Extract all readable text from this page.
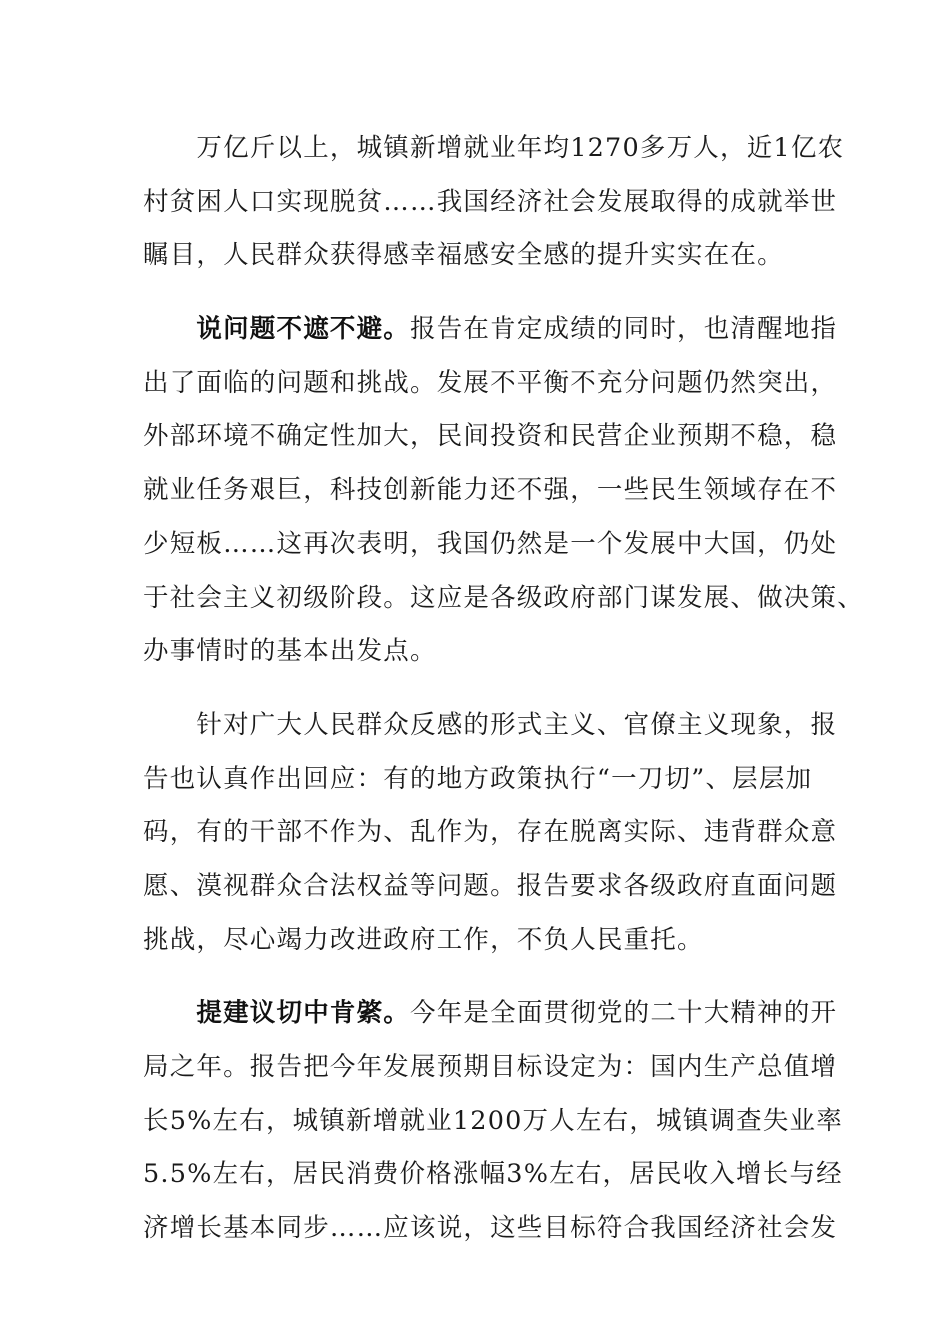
　　万亿斤以上，城镇新增就业年均1270多万人，近1亿农
村贫困人口实现脱贫……我国经济社会发展取得的成就举世
瞩目，人民群众获得感幸福感安全感的提升实实在在。
　　说问题不遮不避。报告在肯定成绩的同时，也清醒地指
出了面临的问题和挑战。发展不平衡不充分问题仍然突出，
外部环境不确定性加大，民间投资和民营企业预期不稳，稳
就业任务艰巨，科技创新能力还不强，一些民生领域存在不
少短板……这再次表明，我国仍然是一个发展中大国，仍处
于社会主义初级阶段。这应是各级政府部门谋发展、做决策、
办事情时的基本出发点。
　　针对广大人民群众反感的形式主义、官僚主义现象，报
告也认真作出回应：有的地方政策执行“一刀切”、层层加
码，有的干部不作为、乱作为，存在脱离实际、违背群众意
愿、漠视群众合法权益等问题。报告要求各级政府直面问题
挑战，尽心竭力改进政府工作，不负人民重托。
　　提建议切中肯綮。今年是全面贯彻党的二十大精神的开
局之年。报告把今年发展预期目标设定为：国内生产总值增
长5%左右，城镇新增就业1200万人左右，城镇调查失业率
5.5%左右，居民消费价格涨幅3%左右，居民收入增长与经
济增长基本同步……应该说，这些目标符合我国经济社会发
